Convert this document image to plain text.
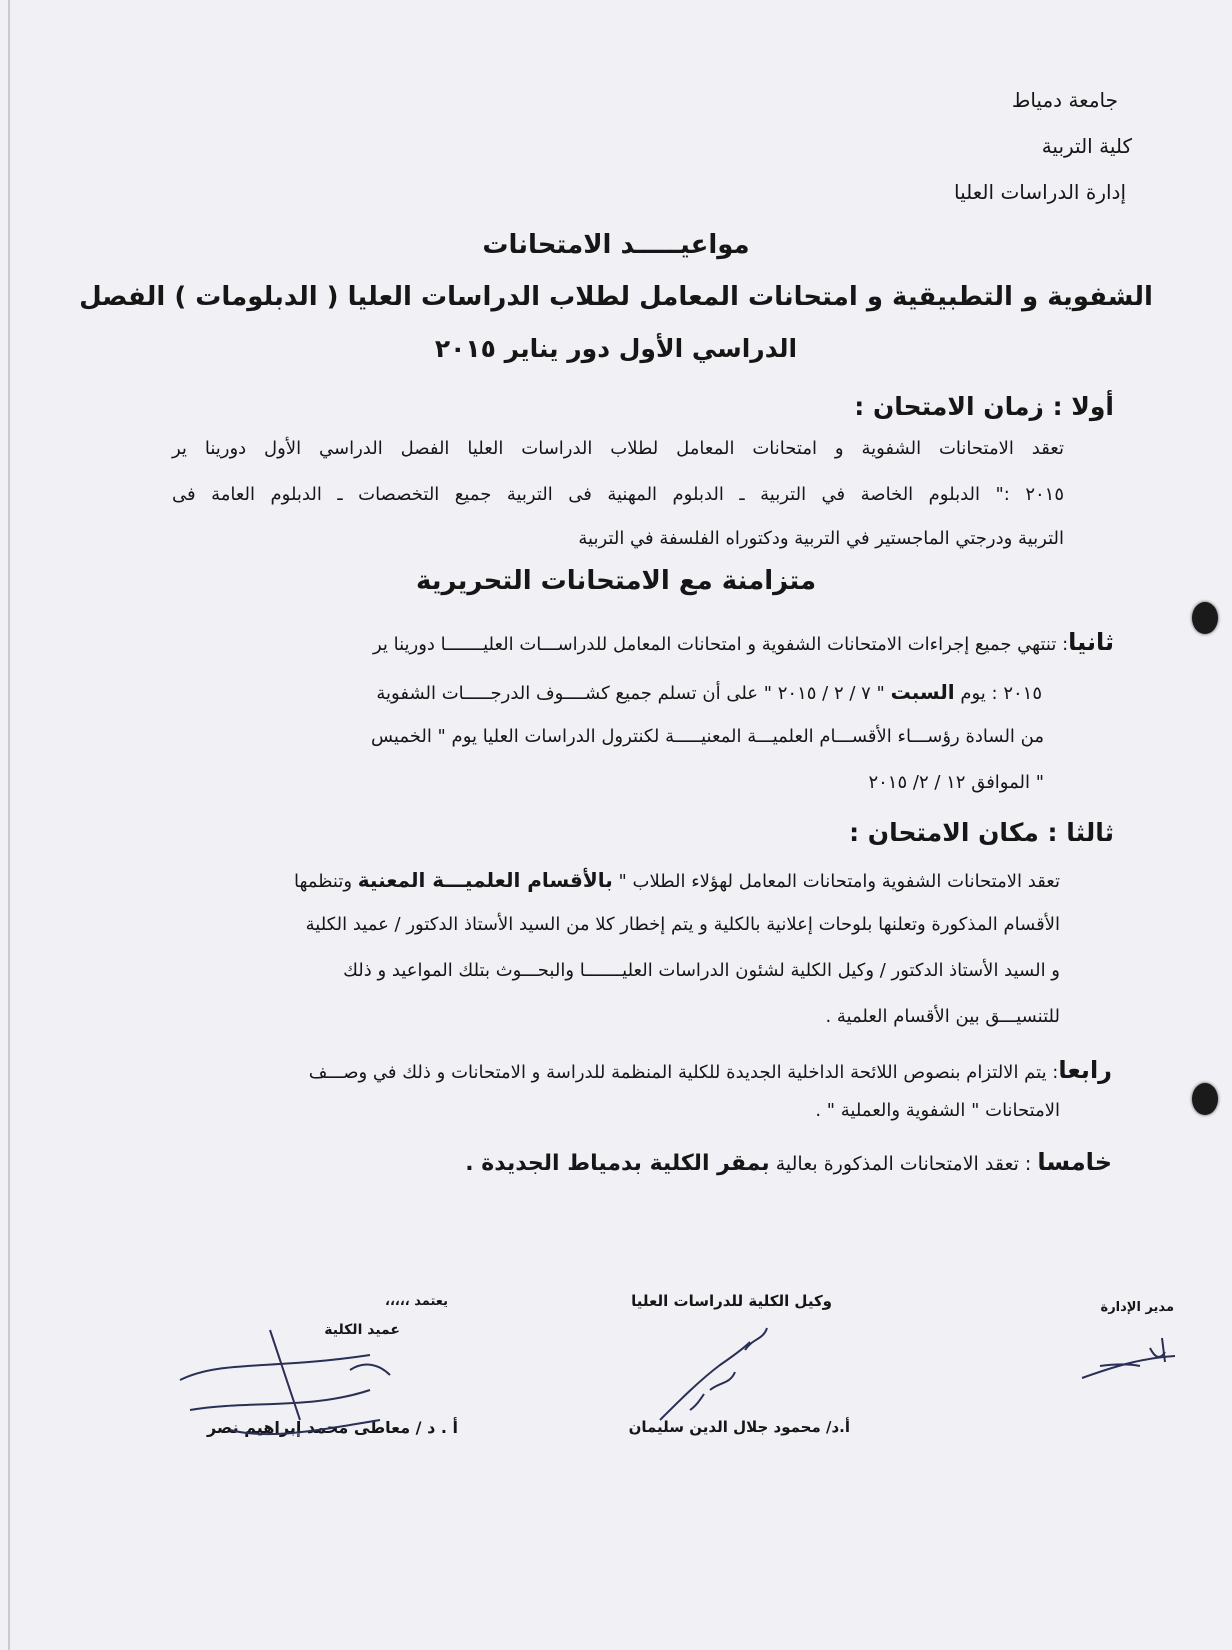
جامعة دمياط
كلية التربية
إدارة الدراسات العليا
مواعيـــــد الامتحانات
الشفوية و التطبيقية و امتحانات المعامل لطلاب الدراسات العليا ( الدبلومات ) الفصل
الدراسي الأول دور يناير ٢٠١٥
أولا : زمان الامتحان :
تعقد الامتحانات الشفوية و امتحانات المعامل لطلاب الدراسات العليا الفصل الدراسي الأول دورينا ير
٢٠١٥ :" الدبلوم الخاصة في التربية ـ الدبلوم المهنية فى التربية جميع التخصصات ـ الدبلوم العامة فى
التربية ودرجتي الماجستير في التربية ودكتوراه الفلسفة في التربية
متزامنة مع الامتحانات التحريرية
ثانيا: تنتهي جميع إجراءات الامتحانات الشفوية و امتحانات المعامل للدراســـات العليـــــــا دورينا ير
٢٠١٥ : يوم السبت " ٧ / ٢ / ٢٠١٥ " على أن تسلم جميع كشــــوف الدرجـــــات الشفوية
من السادة رؤســـاء الأقســـام العلميـــة المعنيـــــة لكنترول الدراسات العليا يوم " الخميس
" الموافق ١٢ / ٢/ ٢٠١٥
ثالثا : مكان الامتحان :
تعقد الامتحانات الشفوية وامتحانات المعامل لهؤلاء الطلاب " بالأقسام العلميـــة المعنية وتنظمها
الأقسام المذكورة وتعلنها بلوحات إعلانية بالكلية و يتم إخطار كلا من السيد الأستاذ الدكتور / عميد الكلية
و السيد الأستاذ الدكتور / وكيل الكلية لشئون الدراسات العليـــــــا والبحـــوث بتلك المواعيد و ذلك
للتنسيـــق بين الأقسام العلمية .
رابعا: يتم الالتزام بنصوص اللائحة الداخلية الجديدة للكلية المنظمة للدراسة و الامتحانات و ذلك في وصـــف
الامتحانات " الشفوية والعملية " .
خامسا : تعقد الامتحانات المذكورة بعالية بمقر الكلية بدمياط الجديدة .
مدير الإدارة
وكيل الكلية للدراسات العليا
يعتمد ،،،،،
عميد الكلية
أ.د/ محمود جلال الدين سليمان
أ . د / معاطى محمد إبراهيم نصر
